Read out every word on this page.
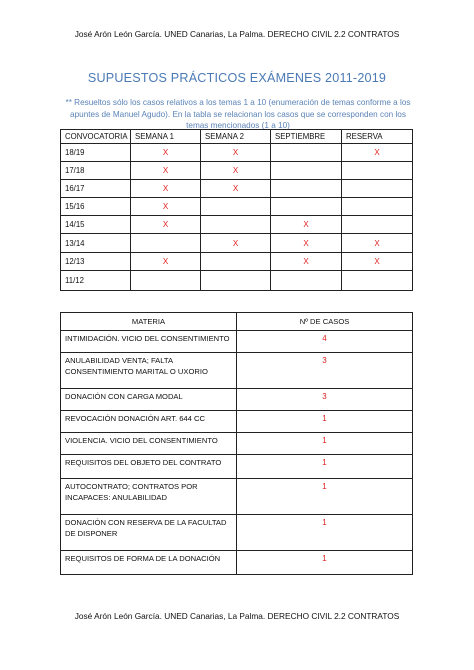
José Arón León García. UNED Canarias, La Palma. DERECHO CIVIL 2.2 CONTRATOS
SUPUESTOS PRÁCTICOS EXÁMENES 2011-2019
** Resueltos sólo los casos relativos a los temas 1 a 10 (enumeración de temas conforme a los apuntes de Manuel Agudo). En la tabla se relacionan los casos que se corresponden con los temas mencionados (1 a 10)
CONVOCATORIA	SEMANA 1	SEMANA 2	SEPTIEMBRE	RESERVA
18/19	X	X		X
17/18	X	X		
16/17	X	X		
15/16	X			
14/15	X		X	
13/14		X	X	X
12/13	X		X	X
11/12				
MATERIA	Nº DE CASOS
INTIMIDACIÓN. VICIO DEL CONSENTIMIENTO	4
ANULABILIDAD VENTA; FALTA CONSENTIMIENTO MARITAL O UXORIO	3
DONACIÓN CON CARGA MODAL	3
REVOCACIÓN DONACIÓN ART. 644 CC	1
VIOLENCIA. VICIO DEL CONSENTIMIENTO	1
REQUISITOS DEL OBJETO DEL CONTRATO	1
AUTOCONTRATO; CONTRATOS POR INCAPACES: ANULABILIDAD	1
DONACIÓN CON RESERVA DE LA FACULTAD DE DISPONER	1
REQUISITOS DE FORMA DE LA DONACIÓN	1
José Arón León García. UNED Canarias, La Palma. DERECHO CIVIL 2.2 CONTRATOS
